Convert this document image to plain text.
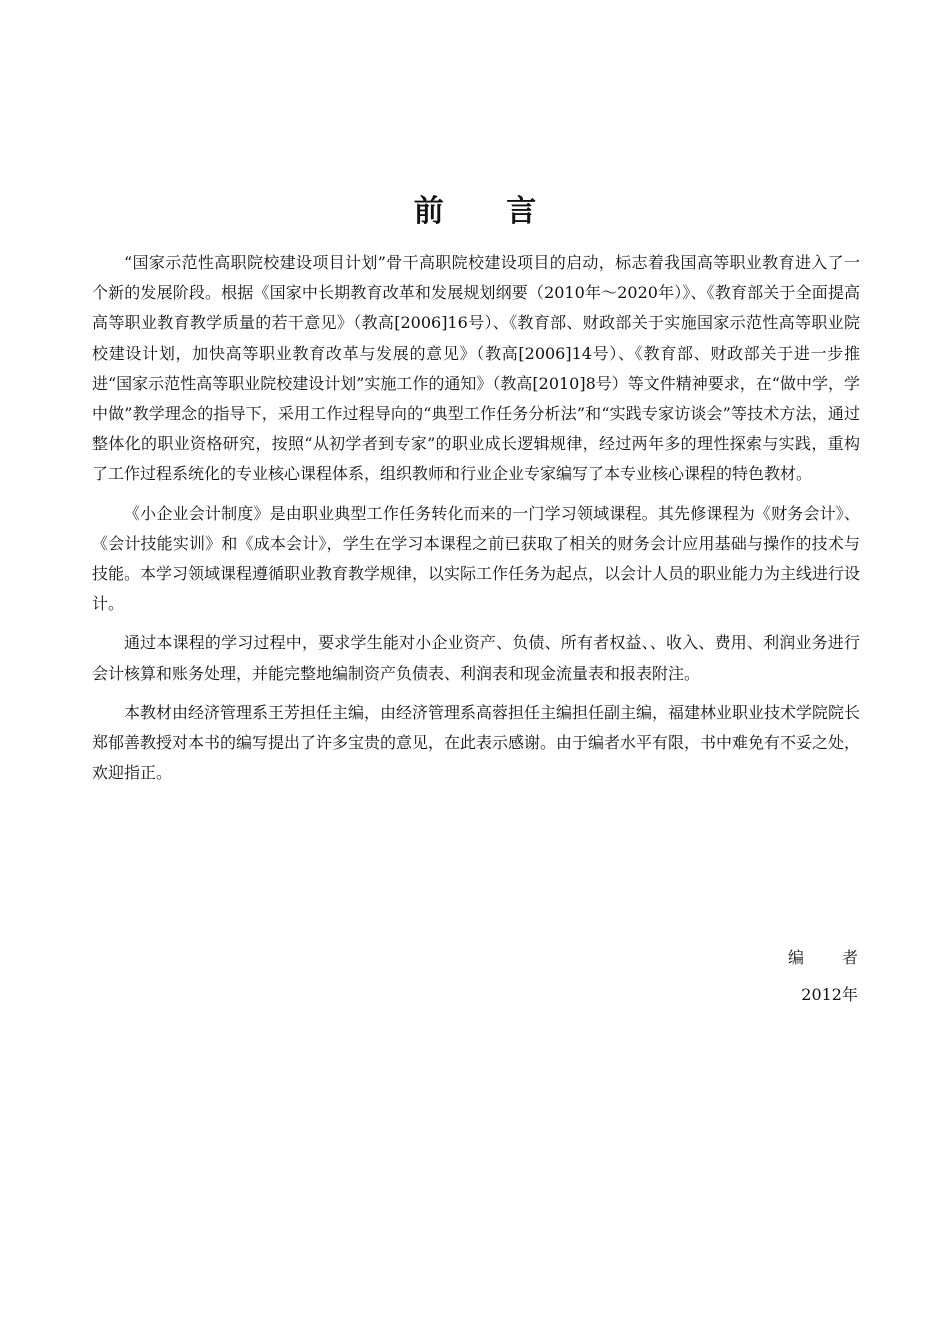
前 言

“国家示范性高职院校建设项目计划”骨干高职院校建设项目的启动，标志着我国高等职业教育进入了一个新的发展阶段。根据《国家中长期教育改革和发展规划纲要（2010年～2020年）》、《教育部关于全面提高高等职业教育教学质量的若干意见》（教高[2006]16号）、《教育部、财政部关于实施国家示范性高等职业院校建设计划，加快高等职业教育改革与发展的意见》（教高[2006]14号）、《教育部、财政部关于进一步推进“国家示范性高等职业院校建设计划”实施工作的通知》（教高[2010]8号）等文件精神要求，在“做中学，学中做”教学理念的指导下，采用工作过程导向的“典型工作任务分析法”和“实践专家访谈会”等技术方法，通过整体化的职业资格研究，按照“从初学者到专家”的职业成长逻辑规律，经过两年多的理性探索与实践，重构了工作过程系统化的专业核心课程体系，组织教师和行业企业专家编写了本专业核心课程的特色教材。

《小企业会计制度》是由职业典型工作任务转化而来的一门学习领域课程。其先修课程为《财务会计》、《会计技能实训》和《成本会计》，学生在学习本课程之前已获取了相关的财务会计应用基础与操作的技术与技能。本学习领域课程遵循职业教育教学规律，以实际工作任务为起点，以会计人员的职业能力为主线进行设计。

通过本课程的学习过程中，要求学生能对小企业资产、负债、所有者权益、、收入、费用、利润业务进行会计核算和账务处理，并能完整地编制资产负债表、利润表和现金流量表和报表附注。

本教材由经济管理系王芳担任主编，由经济管理系高蓉担任主编担任副主编，福建林业职业技术学院院长郑郁善教授对本书的编写提出了许多宝贵的意见，在此表示感谢。由于编者水平有限，书中难免有不妥之处，欢迎指正。

编者
2012年
